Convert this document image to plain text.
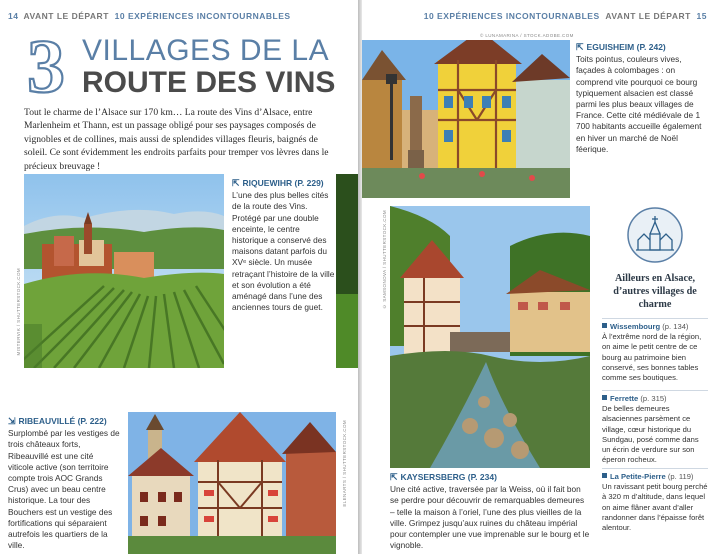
14 AVANT LE DÉPART 10 EXPÉRIENCES INCONTOURNABLES
3 VILLAGES DE LA
ROUTE DES VINS

Tout le charme de l’Alsace sur 170 km… La route des Vins d’Alsace, entre Marlenheim et Thann, est un passage obligé pour ses paysages composés de vignobles et de collines, mais aussi de splendides villages fleuris, baignés de soleil. Ce sont évidemment les endroits parfaits pour tremper vos lèvres dans le précieux breuvage !

MISTERVIK / SHUTTERSTOCK.COM
⇱ RIQUEWIHR (P. 229)
L’une des plus belles cités de la route des Vins. Protégé par une double enceinte, le centre historique a conservé des maisons datant parfois du XVᵉ siècle. Un musée retraçant l’histoire de la ville et son évolution a été aménagé dans l’une des anciennes tours de guet.
ELENARTS / SHUTTERSTOCK.COM
⇲ RIBEAUVILLÉ (P. 222)
Surplombé par les vestiges de trois châteaux forts, Ribeauvillé est une cité viticole active (son territoire compte trois AOC Grands Crus) avec un beau centre historique. La tour des Bouchers est un vestige des fortifications qui séparaient autrefois les quartiers de la ville.
10 EXPÉRIENCES INCONTOURNABLES AVANT LE DÉPART 15
© LUNAMARINA / STOCK.ADOBE.COM
⇱ EGUISHEIM (P. 242)
Toits pointus, couleurs vives, façades à colombages : on comprend vite pourquoi ce bourg typiquement alsacien est classé parmi les plus beaux villages de France. Cette cité médiévale de 1 700 habitants accueille également en hiver un marché de Noël féerique.
© SAMSONOVA / SHUTTERSTOCK.COM
⇱ KAYSERSBERG (P. 234)
Une cité active, traversée par la Weiss, où il fait bon se perdre pour découvrir de remarquables demeures – telle la maison à l’oriel, l’une des plus vieilles de la ville. Grimpez jusqu’aux ruines du château impérial pour contempler une vue imprenable sur le bourg et le vignoble.
Ailleurs en Alsace, d’autres villages de charme
Wissembourg (p. 134)
À l’extrême nord de la région, on aime le petit centre de ce bourg au patrimoine bien conservé, ses bonnes tables comme ses boutiques.
Ferrette (p. 315)
De belles demeures alsaciennes parsèment ce village, cœur historique du Sundgau, posé comme dans un écrin de verdure sur son éperon rocheux.
La Petite-Pierre (p. 119)
Un ravissant petit bourg perché à 320 m d’altitude, dans lequel on aime flâner avant d’aller randonner dans l’épaisse forêt alentour.
